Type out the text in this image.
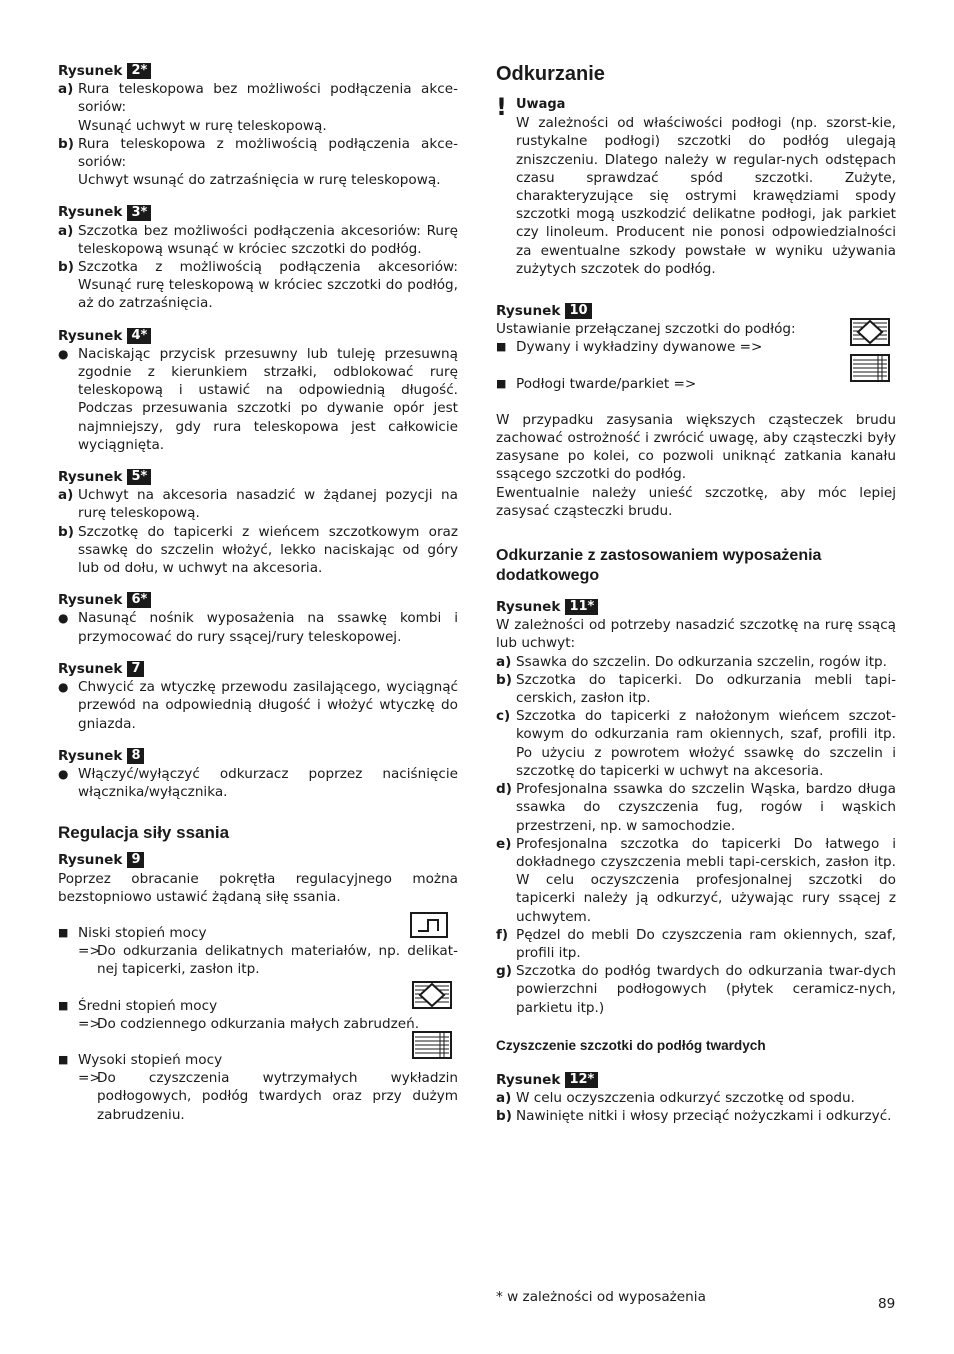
Rysunek 2*
a) Rura teleskopowa bez możliwości podłączenia akce-soriów:
Wsunąć uchwyt w rurę teleskopową.
b) Rura teleskopowa z możliwością podłączenia akce-soriów:
Uchwyt wsunąć do zatrzaśnięcia w rurę teleskopową.
Rysunek 3*
a) Szczotka bez możliwości podłączenia akcesoriów: Rurę teleskopową wsunąć w króciec szczotki do podłóg.
b) Szczotka z możliwością podłączenia akcesoriów: Wsunąć rurę teleskopową w króciec szczotki do podłóg, aż do zatrzaśnięcia.
Rysunek 4*
● Naciskając przycisk przesuwny lub tuleję przesuwną zgodnie z kierunkiem strzałki, odblokować rurę teleskopową i ustawić na odpowiednią długość. Podczas przesuwania szczotki po dywanie opór jest najmniejszy, gdy rura teleskopowa jest całkowicie wyciągnięta.
Rysunek 5*
a) Uchwyt na akcesoria nasadzić w żądanej pozycji na rurę teleskopową.
b) Szczotkę do tapicerki z wieńcem szczotkowym oraz ssawkę do szczelin włożyć, lekko naciskając od góry lub od dołu, w uchwyt na akcesoria.
Rysunek 6*
● Nasunąć nośnik wyposażenia na ssawkę kombi i przymocować do rury ssącej/rury teleskopowej.
Rysunek 7
● Chwycić za wtyczkę przewodu zasilającego, wyciągnąć przewód na odpowiednią długość i włożyć wtyczkę do gniazda.
Rysunek 8
● Włączyć/wyłączyć odkurzacz poprzez naciśnięcie włącznika/wyłącznika.
Regulacja siły ssania
Rysunek 9
Poprzez obracanie pokrętła regulacyjnego można bezstopniowo ustawić żądaną siłę ssania.
■ Niski stopień mocy
=>
Do odkurzania delikatnych materiałów, np. delikat-nej tapicerki, zasłon itp.
■ Średni stopień mocy
=>
Do codziennego odkurzania małych zabrudzeń.
■ Wysoki stopień mocy
=>
Do czyszczenia wytrzymałych wykładzin podłogowych, podłóg twardych oraz przy dużym zabrudzeniu.
Odkurzanie
! Uwaga
W zależności od właściwości podłogi (np. szorst-kie, rustykalne podłogi) szczotki do podłóg ulegają zniszczeniu. Dlatego należy w regular-nych odstępach czasu sprawdzać spód szczotki. Zużyte, charakteryzujące się ostrymi krawędziami spody szczotki mogą uszkodzić delikatne podłogi, jak parkiet czy linoleum. Producent nie ponosi odpowiedzialności za ewentualne szkody powstałe w wyniku używania zużytych szczotek do podłóg.
Rysunek 10
Ustawianie przełączanej szczotki do podłóg:
■ Dywany i wykładziny dywanowe =>
■ Podłogi twarde/parkiet =>
W przypadku zasysania większych cząsteczek brudu zachować ostrożność i zwrócić uwagę, aby cząsteczki były zasysane po kolei, co pozwoli uniknąć zatkania kanału ssącego szczotki do podłóg.
Ewentualnie należy unieść szczotkę, aby móc lepiej zasysać cząsteczki brudu.
Odkurzanie z zastosowaniem wyposażenia dodatkowego
Rysunek 11*
W zależności od potrzeby nasadzić szczotkę na rurę ssącą lub uchwyt:
a) Ssawka do szczelin. Do odkurzania szczelin, rogów itp.
b) Szczotka do tapicerki. Do odkurzania mebli tapi-cerskich, zasłon itp.
c) Szczotka do tapicerki z nałożonym wieńcem szczot-kowym do odkurzania ram okiennych, szaf, profili itp. Po użyciu z powrotem włożyć ssawkę do szczelin i szczotkę do tapicerki w uchwyt na akcesoria.
d) Profesjonalna ssawka do szczelin Wąska, bardzo długa ssawka do czyszczenia fug, rogów i wąskich przestrzeni, np. w samochodzie.
e) Profesjonalna szczotka do tapicerki Do łatwego i dokładnego czyszczenia mebli tapi-cerskich, zasłon itp. W celu oczyszczenia profesjonalnej szczotki do tapicerki należy ją odkurzyć, używając rury ssącej z uchwytem.
f) Pędzel do mebli Do czyszczenia ram okiennych, szaf, profili itp.
g) Szczotka do podłóg twardych do odkurzania twar-dych powierzchni podłogowych (płytek ceramicz-nych, parkietu itp.)
Czyszczenie szczotki do podłóg twardych
Rysunek 12*
a) W celu oczyszczenia odkurzyć szczotkę od spodu.
b) Nawinięte nitki i włosy przeciąć nożyczkami i odkurzyć.
* w zależności od wyposażenia	89
